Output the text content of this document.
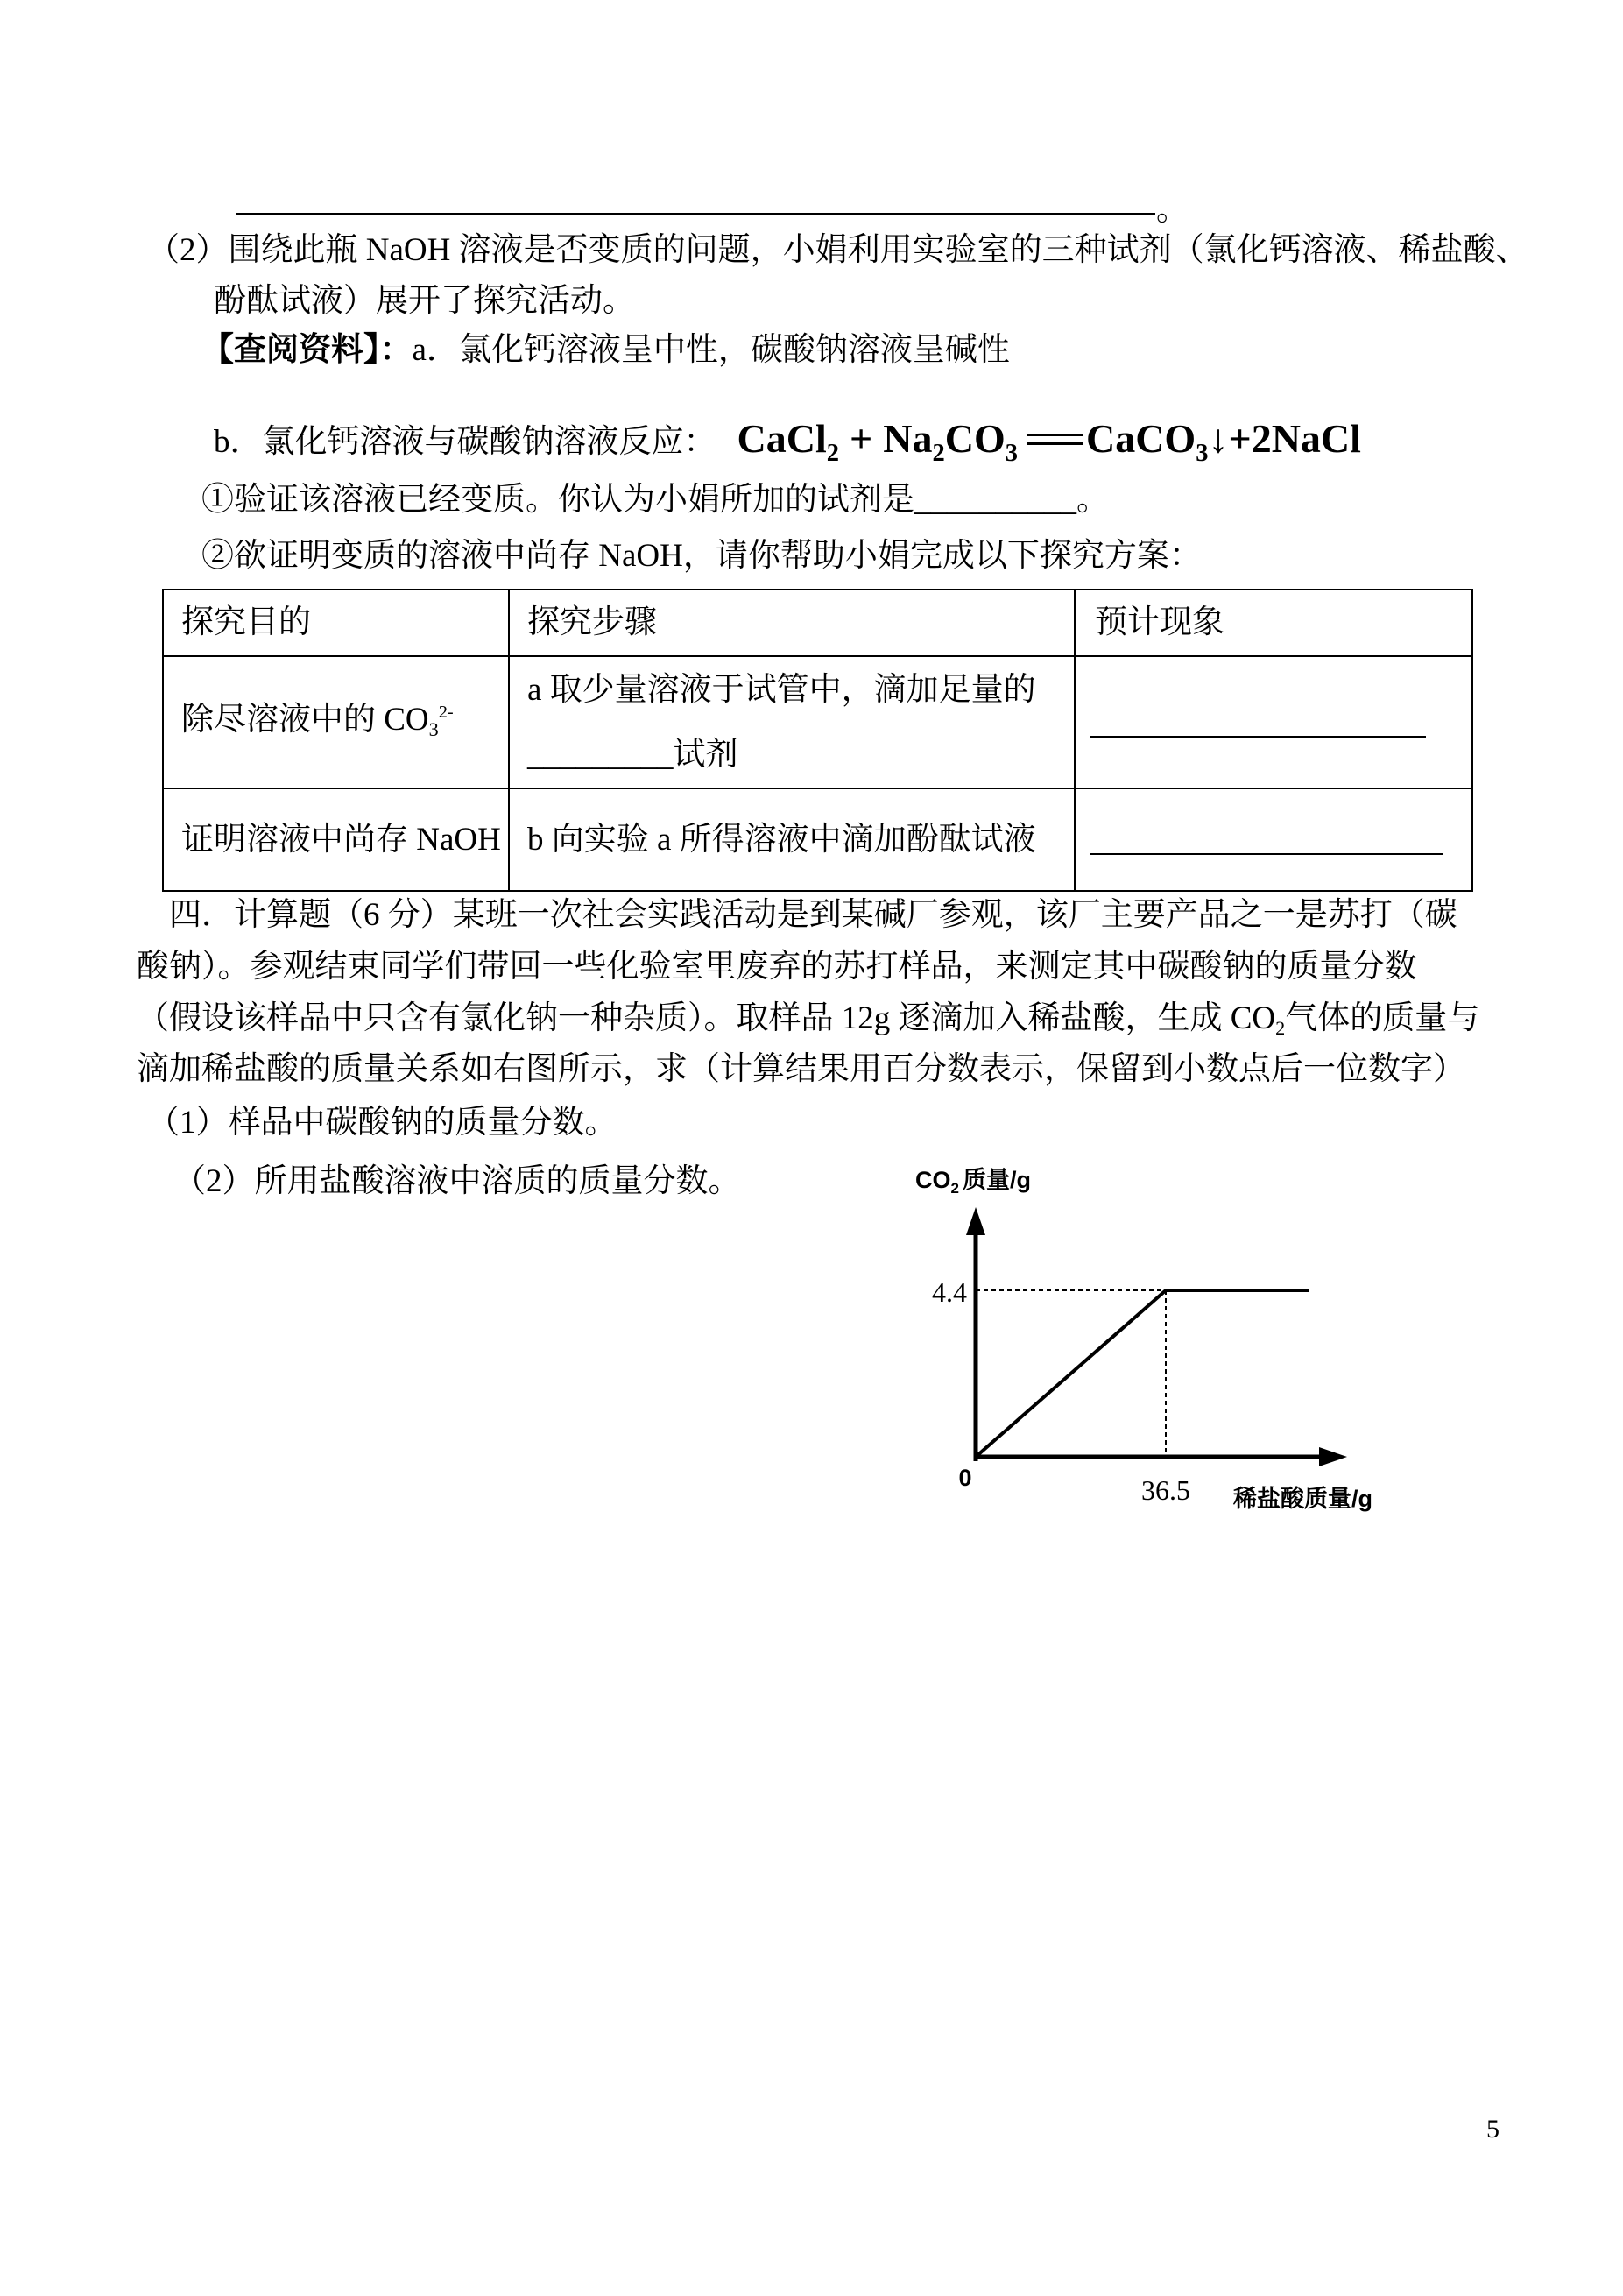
。
（2）围绕此瓶 NaOH 溶液是否变质的问题，小娟利用实验室的三种试剂（氯化钙溶液、稀盐酸、
酚酞试液）展开了探究活动。
【查阅资料】：a．氯化钙溶液呈中性，碳酸钠溶液呈碱性
b．氯化钙溶液与碳酸钠溶液反应： CaCl$_2$ + $Na_2CO_3$ CaCO$_3$↓+2NaCl
①验证该溶液已经变质。你认为小娟所加的试剂是__________。
②欲证明变质的溶液中尚存 NaOH，请你帮助小娟完成以下探究方案：
探究目的	探究步骤	预计现象
除尽溶液中的 $CO3^{2-}$	a 取少量溶液于试管中，滴加足量的
_________试剂	

证明溶液中尚存 NaOH	b 向实验 a 所得溶液中滴加酚酞试液	
四．计算题（6 分）某班一次社会实践活动是到某碱厂参观，该厂主要产品之一是苏打（碳
酸钠）。参观结束同学们带回一些化验室里废弃的苏打样品，来测定其中碳酸钠的质量分数
（假设该样品中只含有氯化钠一种杂质）。取样品 12g 逐滴加入稀盐酸，生成 CO2气体的质量与
滴加稀盐酸的质量关系如右图所示，求（计算结果用百分数表示，保留到小数点后一位数字）
（1）样品中碳酸钠的质量分数。
（2）所用盐酸溶液中溶质的质量分数。	$CO_2$ 质量/g
0
4.4
36.5 稀盐酸质量/g
5
